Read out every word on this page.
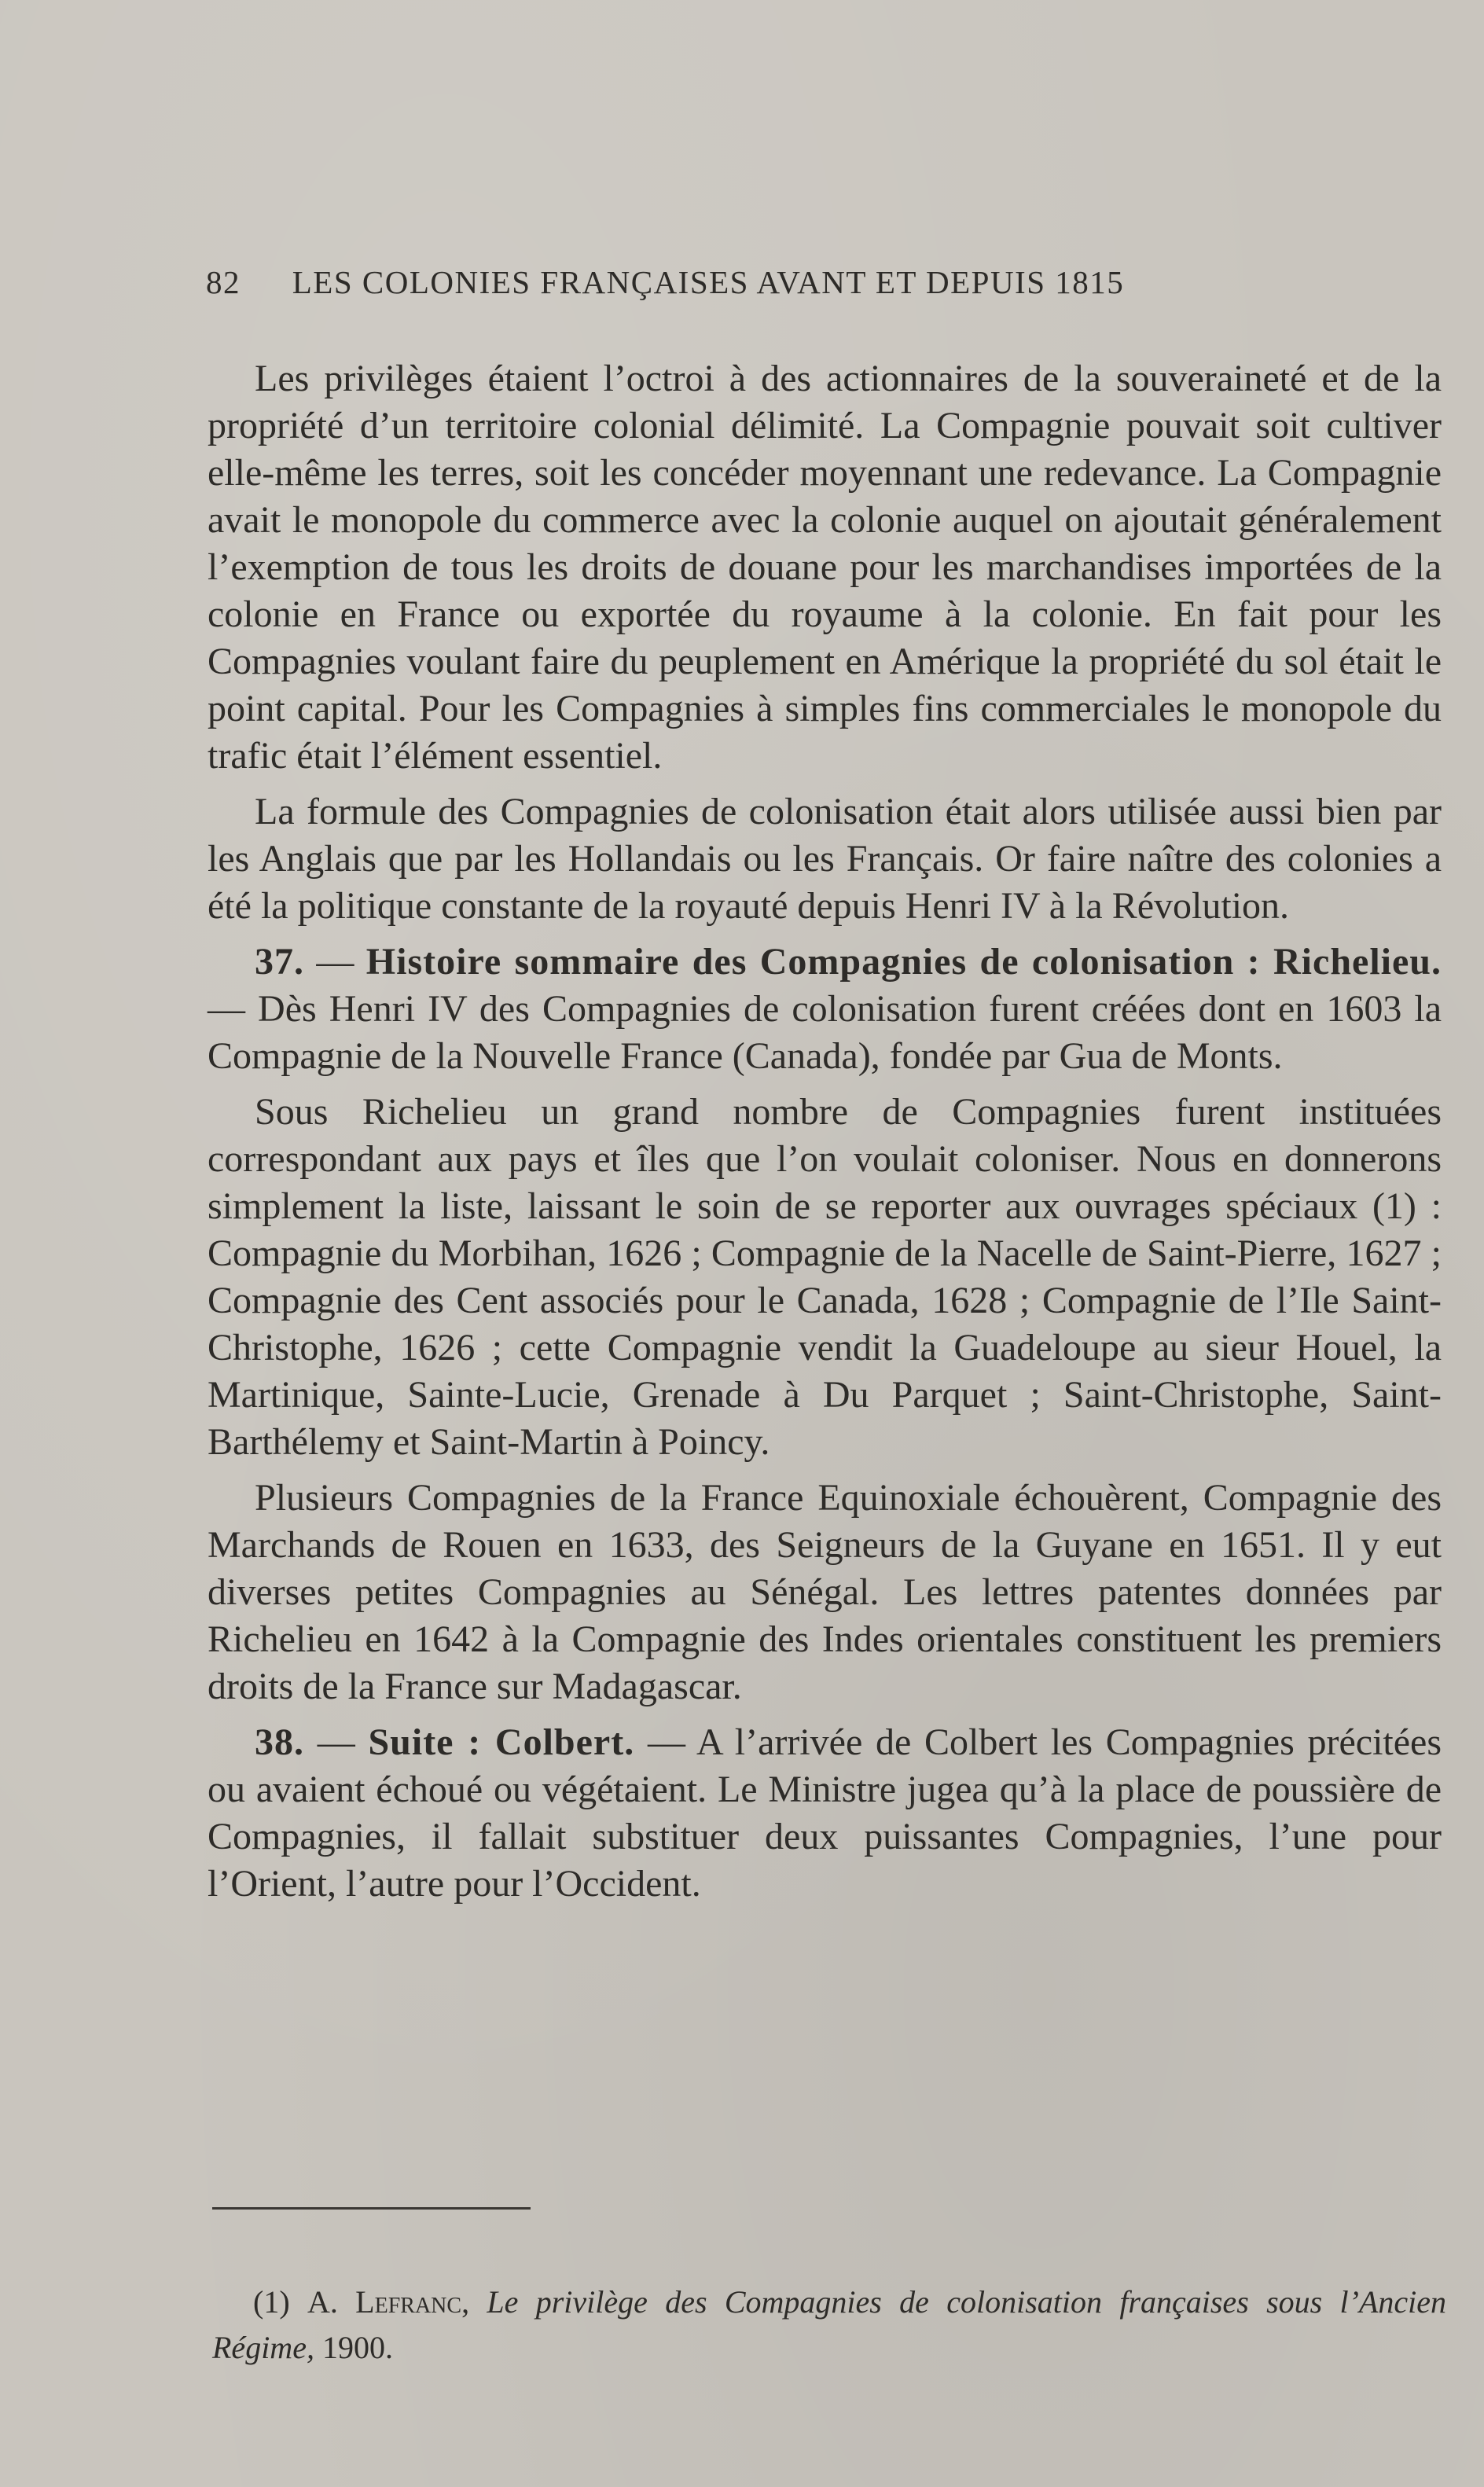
82 LES COLONIES FRANÇAISES AVANT ET DEPUIS 1815

Les privilèges étaient l’octroi à des actionnaires de la souveraineté et de la propriété d’un territoire colonial délimité. La Compagnie pouvait soit cultiver elle-même les terres, soit les concéder moyennant une redevance. La Compagnie avait le monopole du commerce avec la colonie auquel on ajoutait généralement l’exemption de tous les droits de douane pour les marchandises importées de la colonie en France ou exportée du royaume à la colonie. En fait pour les Compagnies voulant faire du peuplement en Amérique la propriété du sol était le point capital. Pour les Compagnies à simples fins commerciales le monopole du trafic était l’élément essentiel.

La formule des Compagnies de colonisation était alors utilisée aussi bien par les Anglais que par les Hollandais ou les Français. Or faire naître des colonies a été la politique constante de la royauté depuis Henri IV à la Révolution.

37. — Histoire sommaire des Compagnies de colonisation : Richelieu. — Dès Henri IV des Compagnies de colonisation furent créées dont en 1603 la Compagnie de la Nouvelle France (Canada), fondée par Gua de Monts.

Sous Richelieu un grand nombre de Compagnies furent instituées correspondant aux pays et îles que l’on voulait coloniser. Nous en donnerons simplement la liste, laissant le soin de se reporter aux ouvrages spéciaux (1) : Compagnie du Morbihan, 1626 ; Compagnie de la Nacelle de Saint-Pierre, 1627 ; Compagnie des Cent associés pour le Canada, 1628 ; Compagnie de l’Ile Saint-Christophe, 1626 ; cette Compagnie vendit la Guadeloupe au sieur Houel, la Martinique, Sainte-Lucie, Grenade à Du Parquet ; Saint-Christophe, Saint-Barthélemy et Saint-Martin à Poincy.

Plusieurs Compagnies de la France Equinoxiale échouèrent, Compagnie des Marchands de Rouen en 1633, des Seigneurs de la Guyane en 1651. Il y eut diverses petites Compagnies au Sénégal. Les lettres patentes données par Richelieu en 1642 à la Compagnie des Indes orientales constituent les premiers droits de la France sur Madagascar.

38. — Suite : Colbert. — A l’arrivée de Colbert les Compagnies précitées ou avaient échoué ou végétaient. Le Ministre jugea qu’à la place de poussière de Compagnies, il fallait substituer deux puissantes Compagnies, l’une pour l’Orient, l’autre pour l’Occident.

(1) A. Lefranc, Le privilège des Compagnies de colonisation françaises sous l’Ancien Régime, 1900.
